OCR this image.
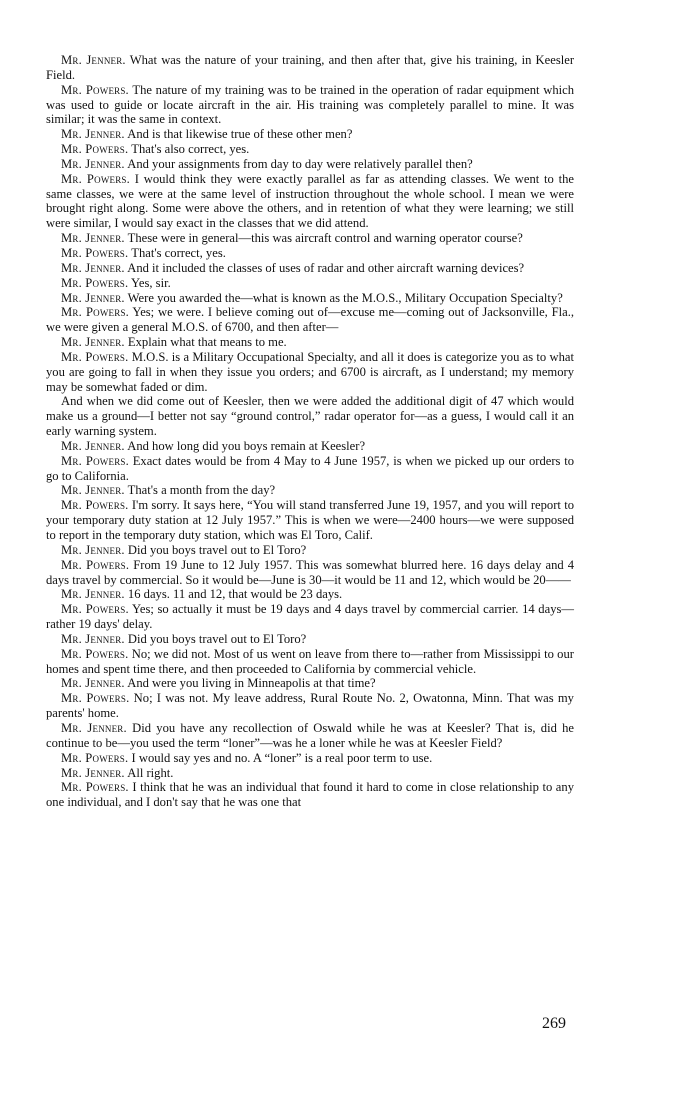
Mr. Jenner. What was the nature of your training, and then after that, give his training, in Keesler Field.

Mr. Powers. The nature of my training was to be trained in the operation of radar equipment which was used to guide or locate aircraft in the air. His training was completely parallel to mine. It was similar; it was the same in context.

Mr. Jenner. And is that likewise true of these other men?

Mr. Powers. That's also correct, yes.

Mr. Jenner. And your assignments from day to day were relatively parallel then?

Mr. Powers. I would think they were exactly parallel as far as attending classes. We went to the same classes, we were at the same level of instruction throughout the whole school. I mean we were brought right along. Some were above the others, and in retention of what they were learning; we still were similar, I would say exact in the classes that we did attend.

Mr. Jenner. These were in general—this was aircraft control and warning operator course?

Mr. Powers. That's correct, yes.

Mr. Jenner. And it included the classes of uses of radar and other aircraft warning devices?

Mr. Powers. Yes, sir.

Mr. Jenner. Were you awarded the—what is known as the M.O.S., Military Occupation Specialty?

Mr. Powers. Yes; we were. I believe coming out of—excuse me—coming out of Jacksonville, Fla., we were given a general M.O.S. of 6700, and then after—

Mr. Jenner. Explain what that means to me.

Mr. Powers. M.O.S. is a Military Occupational Specialty, and all it does is categorize you as to what you are going to fall in when they issue you orders; and 6700 is aircraft, as I understand; my memory may be somewhat faded or dim.

And when we did come out of Keesler, then we were added the additional digit of 47 which would make us a ground—I better not say “ground control,” radar operator for—as a guess, I would call it an early warning system.

Mr. Jenner. And how long did you boys remain at Keesler?

Mr. Powers. Exact dates would be from 4 May to 4 June 1957, is when we picked up our orders to go to California.

Mr. Jenner. That's a month from the day?

Mr. Powers. I'm sorry. It says here, “You will stand transferred June 19, 1957, and you will report to your temporary duty station at 12 July 1957.” This is when we were—2400 hours—we were supposed to report in the temporary duty station, which was El Toro, Calif.

Mr. Jenner. Did you boys travel out to El Toro?

Mr. Powers. From 19 June to 12 July 1957. This was somewhat blurred here. 16 days delay and 4 days travel by commercial. So it would be—June is 30—it would be 11 and 12, which would be 20——

Mr. Jenner. 16 days. 11 and 12, that would be 23 days.

Mr. Powers. Yes; so actually it must be 19 days and 4 days travel by commercial carrier. 14 days—rather 19 days' delay.

Mr. Jenner. Did you boys travel out to El Toro?

Mr. Powers. No; we did not. Most of us went on leave from there to—rather from Mississippi to our homes and spent time there, and then proceeded to California by commercial vehicle.

Mr. Jenner. And were you living in Minneapolis at that time?

Mr. Powers. No; I was not. My leave address, Rural Route No. 2, Owatonna, Minn. That was my parents' home.

Mr. Jenner. Did you have any recollection of Oswald while he was at Keesler? That is, did he continue to be—you used the term “loner”—was he a loner while he was at Keesler Field?

Mr. Powers. I would say yes and no. A “loner” is a real poor term to use.

Mr. Jenner. All right.

Mr. Powers. I think that he was an individual that found it hard to come in close relationship to any one individual, and I don't say that he was one that

269
